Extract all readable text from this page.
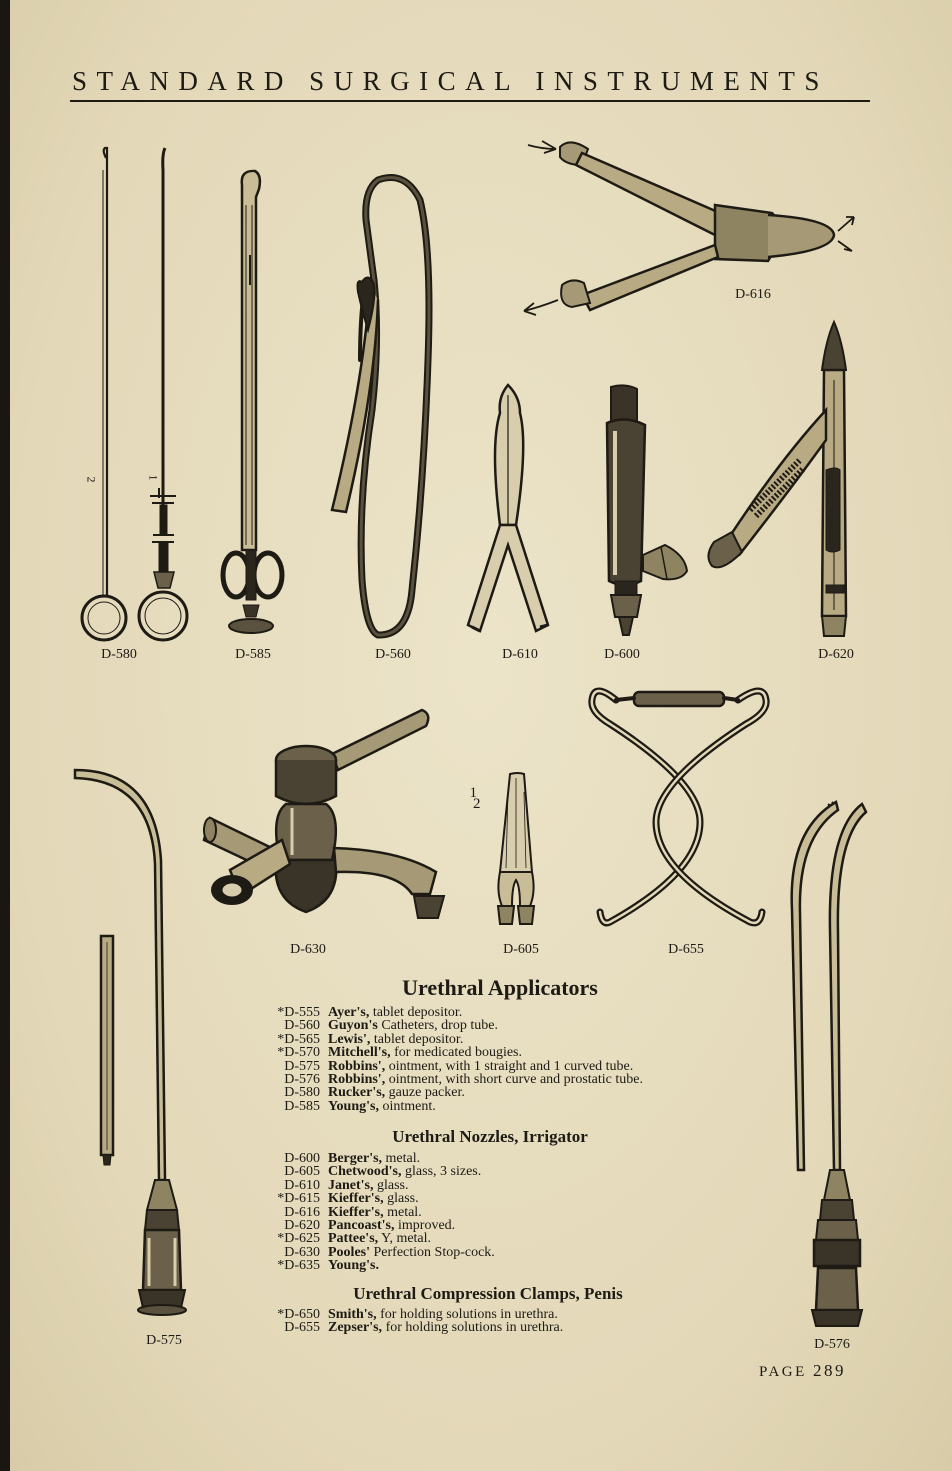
STANDARD SURGICAL INSTRUMENTS
2	1
D-580	D-585	D-560
D-616
D-610	D-600	D-620
D-630
1
2
D-605	D-655
D-575	D-576
Urethral Applicators
*D-555 Ayer's, tablet depositor.
D-560 Guyon's Catheters, drop tube.
*D-565 Lewis', tablet depositor.
*D-570 Mitchell's, for medicated bougies.
D-575 Robbins', ointment, with 1 straight and 1 curved tube.
D-576 Robbins', ointment, with short curve and prostatic tube.
D-580 Rucker's, gauze packer.
D-585 Young's, ointment.
Urethral Nozzles, Irrigator
D-600 Berger's, metal.
D-605 Chetwood's, glass, 3 sizes.
D-610 Janet's, glass.
*D-615 Kieffer's, glass.
D-616 Kieffer's, metal.
D-620 Pancoast's, improved.
*D-625 Pattee's, Y, metal.
D-630 Pooles' Perfection Stop-cock.
*D-635 Young's.
Urethral Compression Clamps, Penis
*D-650 Smith's, for holding solutions in urethra.
D-655 Zepser's, for holding solutions in urethra.
PAGE 289
